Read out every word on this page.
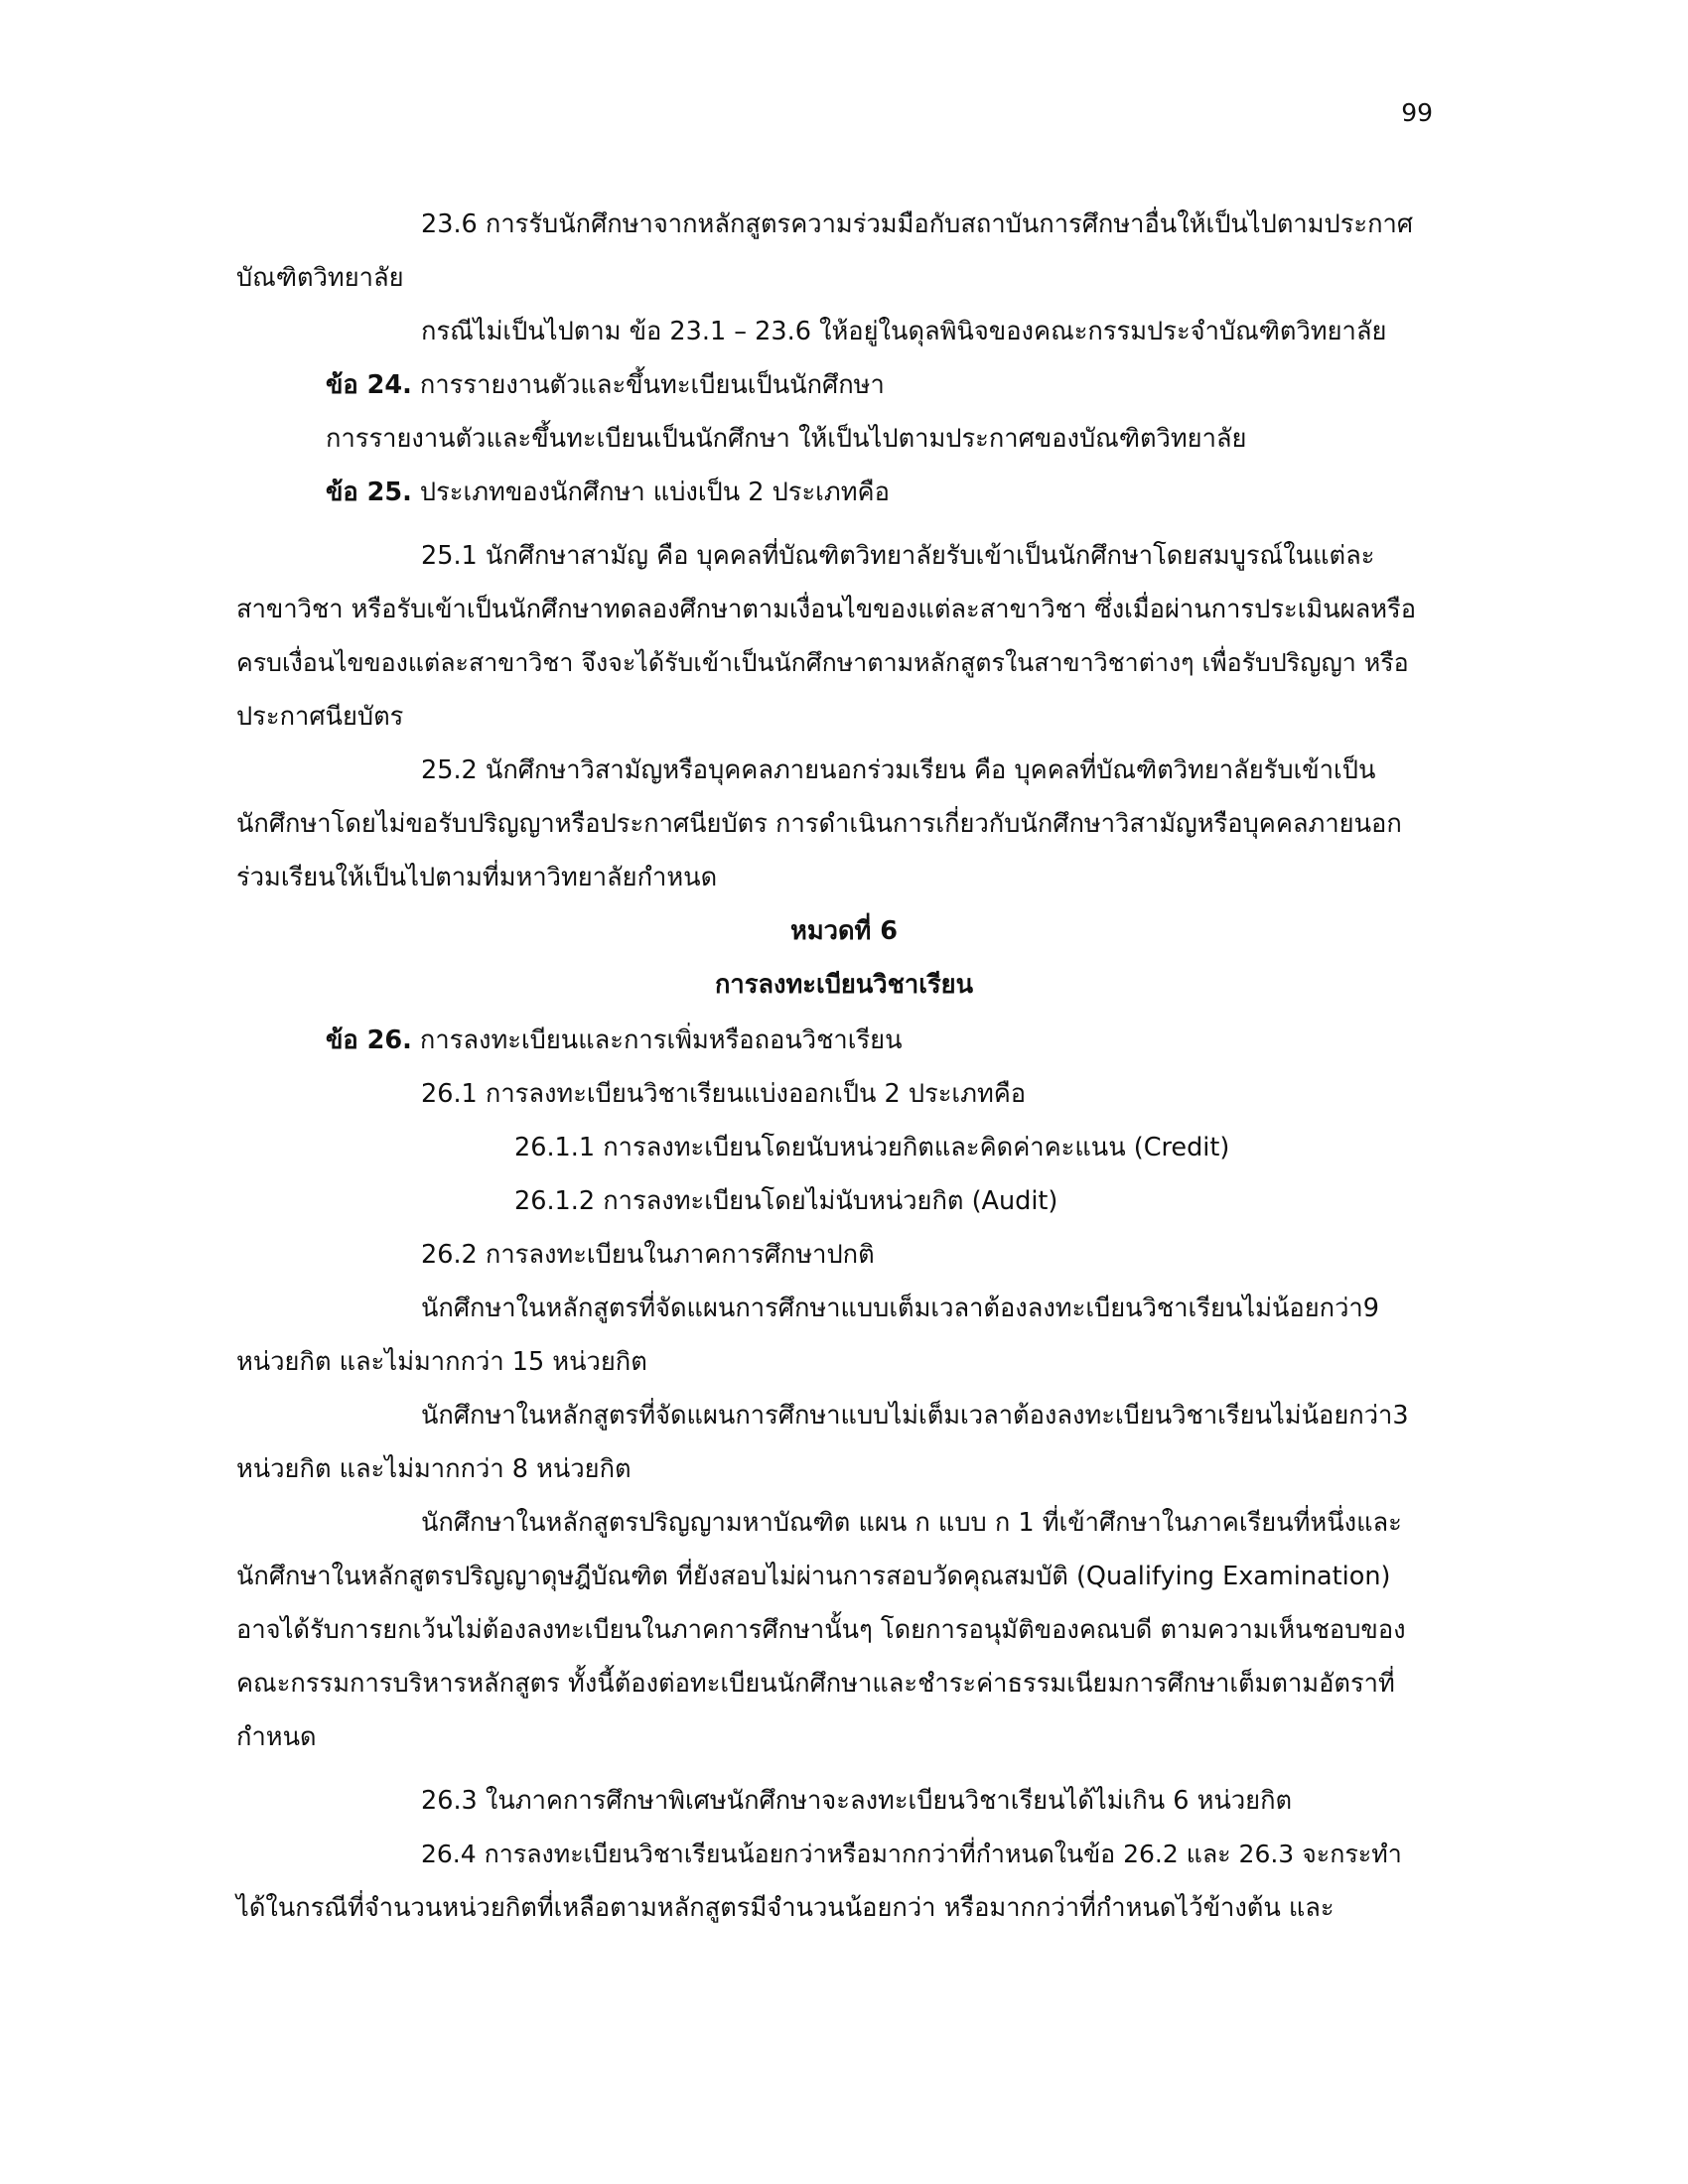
99
23.6 การรับนักศึกษาจากหลักสูตรความร่วมมือกับสถาบันการศึกษาอื่นให้เป็นไปตามประกาศ
บัณฑิตวิทยาลัย
กรณีไม่เป็นไปตาม ข้อ 23.1 – 23.6 ให้อยู่ในดุลพินิจของคณะกรรมประจำบัณฑิตวิทยาลัย
ข้อ 24. การรายงานตัวและขึ้นทะเบียนเป็นนักศึกษา
การรายงานตัวและขึ้นทะเบียนเป็นนักศึกษา ให้เป็นไปตามประกาศของบัณฑิตวิทยาลัย
ข้อ 25. ประเภทของนักศึกษา แบ่งเป็น 2 ประเภทคือ
25.1 นักศึกษาสามัญ คือ บุคคลที่บัณฑิตวิทยาลัยรับเข้าเป็นนักศึกษาโดยสมบูรณ์ในแต่ละ
สาขาวิชา หรือรับเข้าเป็นนักศึกษาทดลองศึกษาตามเงื่อนไขของแต่ละสาขาวิชา ซึ่งเมื่อผ่านการประเมินผลหรือ
ครบเงื่อนไขของแต่ละสาขาวิชา จึงจะได้รับเข้าเป็นนักศึกษาตามหลักสูตรในสาขาวิชาต่างๆ เพื่อรับปริญญา หรือ
ประกาศนียบัตร
25.2 นักศึกษาวิสามัญหรือบุคคลภายนอกร่วมเรียน คือ บุคคลที่บัณฑิตวิทยาลัยรับเข้าเป็น
นักศึกษาโดยไม่ขอรับปริญญาหรือประกาศนียบัตร การดำเนินการเกี่ยวกับนักศึกษาวิสามัญหรือบุคคลภายนอก
ร่วมเรียนให้เป็นไปตามที่มหาวิทยาลัยกำหนด
หมวดที่ 6
การลงทะเบียนวิชาเรียน
ข้อ 26. การลงทะเบียนและการเพิ่มหรือถอนวิชาเรียน
26.1 การลงทะเบียนวิชาเรียนแบ่งออกเป็น 2 ประเภทคือ
26.1.1 การลงทะเบียนโดยนับหน่วยกิตและคิดค่าคะแนน (Credit)
26.1.2 การลงทะเบียนโดยไม่นับหน่วยกิต (Audit)
26.2 การลงทะเบียนในภาคการศึกษาปกติ
นักศึกษาในหลักสูตรที่จัดแผนการศึกษาแบบเต็มเวลาต้องลงทะเบียนวิชาเรียนไม่น้อยกว่า9
หน่วยกิต และไม่มากกว่า 15 หน่วยกิต
นักศึกษาในหลักสูตรที่จัดแผนการศึกษาแบบไม่เต็มเวลาต้องลงทะเบียนวิชาเรียนไม่น้อยกว่า3
หน่วยกิต และไม่มากกว่า 8 หน่วยกิต
นักศึกษาในหลักสูตรปริญญามหาบัณฑิต แผน ก แบบ ก 1 ที่เข้าศึกษาในภาคเรียนที่หนึ่งและ
นักศึกษาในหลักสูตรปริญญาดุษฎีบัณฑิต ที่ยังสอบไม่ผ่านการสอบวัดคุณสมบัติ (Qualifying Examination)
อาจได้รับการยกเว้นไม่ต้องลงทะเบียนในภาคการศึกษานั้นๆ โดยการอนุมัติของคณบดี ตามความเห็นชอบของ
คณะกรรมการบริหารหลักสูตร ทั้งนี้ต้องต่อทะเบียนนักศึกษาและชำระค่าธรรมเนียมการศึกษาเต็มตามอัตราที่
กำหนด
26.3 ในภาคการศึกษาพิเศษนักศึกษาจะลงทะเบียนวิชาเรียนได้ไม่เกิน 6 หน่วยกิต
26.4 การลงทะเบียนวิชาเรียนน้อยกว่าหรือมากกว่าที่กำหนดในข้อ 26.2 และ 26.3 จะกระทำ
ได้ในกรณีที่จำนวนหน่วยกิตที่เหลือตามหลักสูตรมีจำนวนน้อยกว่า หรือมากกว่าที่กำหนดไว้ข้างต้น และ
